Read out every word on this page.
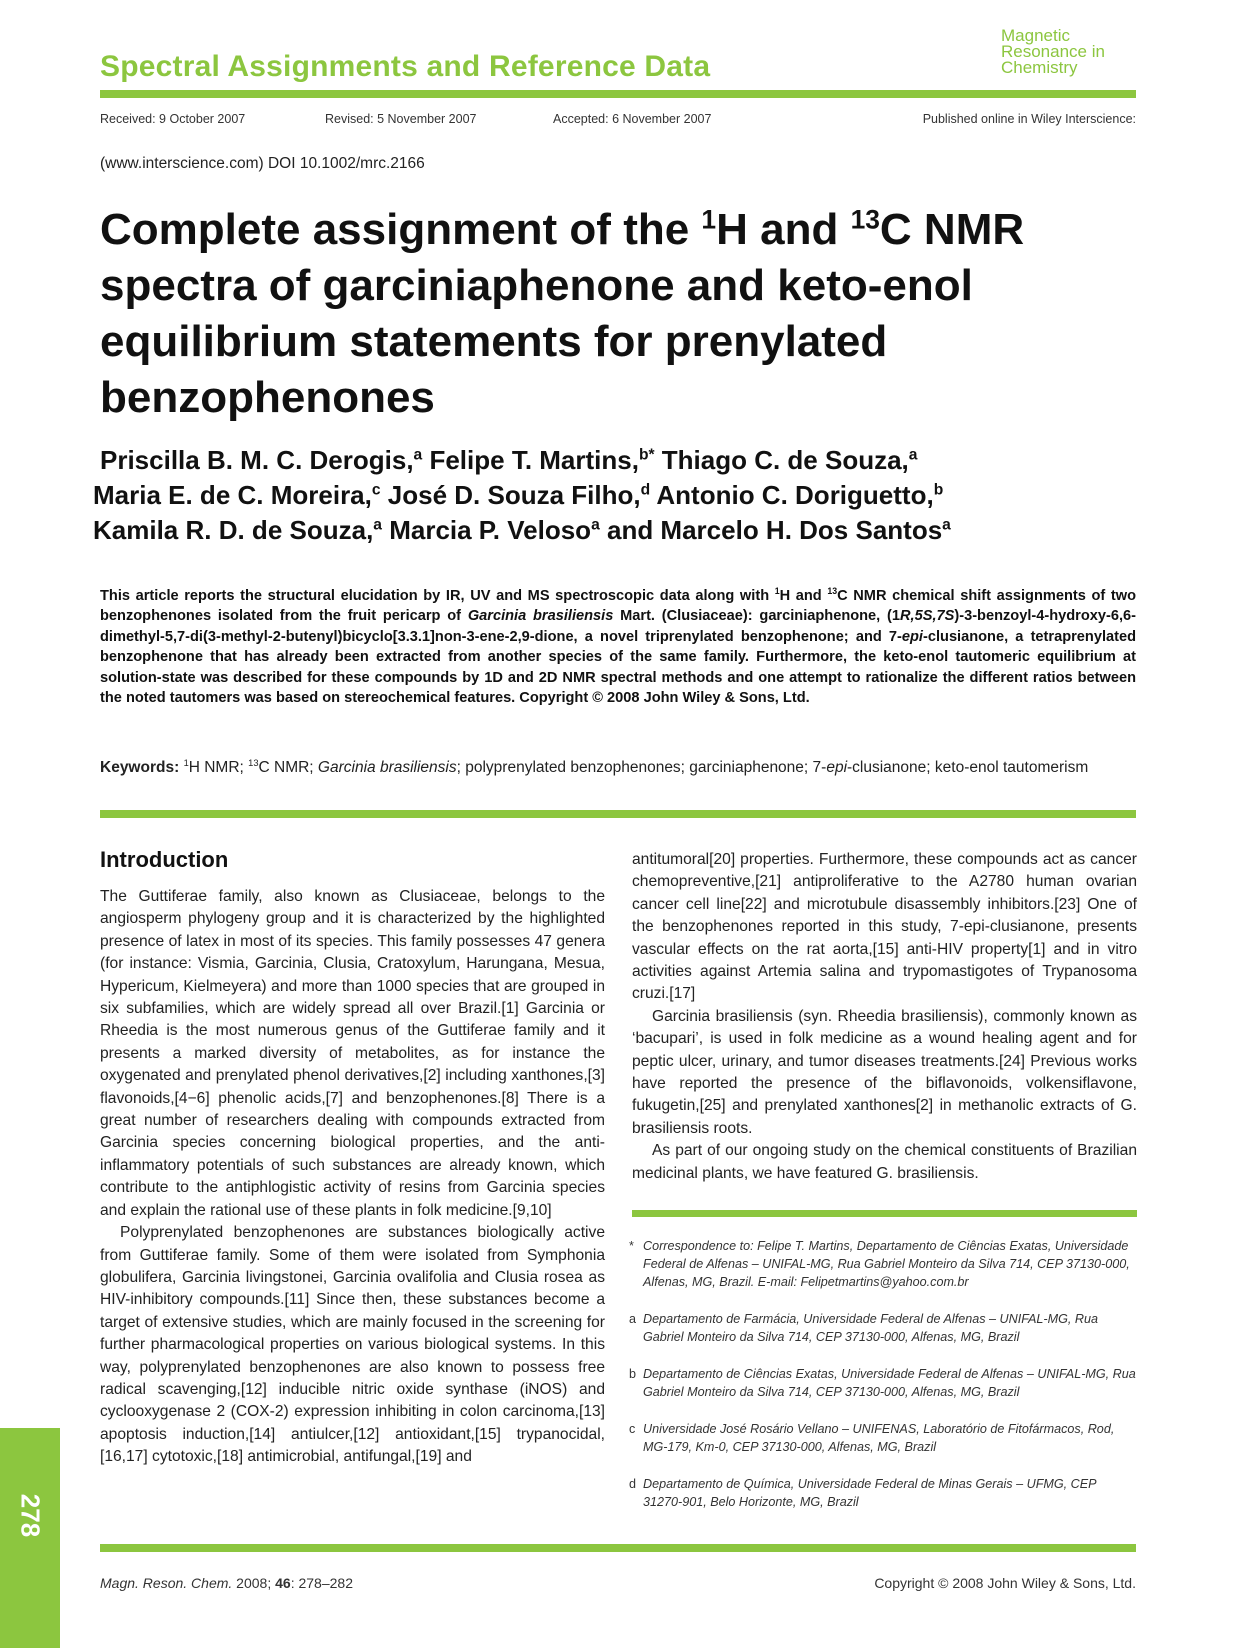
Spectral Assignments and Reference Data
Magnetic
Resonance in
Chemistry
Received: 9 October 2007	Revised: 5 November 2007	Accepted: 6 November 2007	Published online in Wiley Interscience:
(www.interscience.com) DOI 10.1002/mrc.2166
Complete assignment of the $^1$H and $^{13}$C NMR spectra of garciniaphenone and keto-enol equilibrium statements for prenylated benzophenones
Priscilla B. M. C. Derogis,$^a$ Felipe T. Martins,$^{b*}$ Thiago C. de Souza,$^a$
Maria E. de C. Moreira,$^c$ José D. Souza Filho,$^d$ Antonio C. Doriguetto,$^b$
Kamila R. D. de Souza,$^a$ Marcia P. Veloso$^a$ and Marcelo H. Dos Santos$^a$
This article reports the structural elucidation by IR, UV and MS spectroscopic data along with $^1$H and $^{13}$C NMR chemical shift assignments of two benzophenones isolated from the fruit pericarp of Garcinia brasiliensis Mart. (Clusiaceae): garciniaphenone, (1R,5S,7S)-3-benzoyl-4-hydroxy-6,6-dimethyl-5,7-di(3-methyl-2-butenyl)bicyclo[3.3.1]non-3-ene-2,9-dione, a novel triprenylated benzophenone; and 7-epi-clusianone, a tetraprenylated benzophenone that has already been extracted from another species of the same family. Furthermore, the keto-enol tautomeric equilibrium at solution-state was described for these compounds by 1D and 2D NMR spectral methods and one attempt to rationalize the different ratios between the noted tautomers was based on stereochemical features. Copyright © 2008 John Wiley & Sons, Ltd.
Keywords: $^1$H NMR; $^{13}$C NMR; Garcinia brasiliensis; polyprenylated benzophenones; garciniaphenone; 7-epi-clusianone; keto-enol tautomerism
Introduction

The Guttiferae family, also known as Clusiaceae, belongs to the angiosperm phylogeny group and it is characterized by the highlighted presence of latex in most of its species. This family possesses 47 genera (for instance: Vismia, Garcinia, Clusia, Cratoxylum, Harungana, Mesua, Hypericum, Kielmeyera) and more than 1000 species that are grouped in six subfamilies, which are widely spread all over Brazil.[1] Garcinia or Rheedia is the most numerous genus of the Guttiferae family and it presents a marked diversity of metabolites, as for instance the oxygenated and prenylated phenol derivatives,[2] including xanthones,[3] flavonoids,[4−6] phenolic acids,[7] and benzophenones.[8] There is a great number of researchers dealing with compounds extracted from Garcinia species concerning biological properties, and the anti-inflammatory potentials of such substances are already known, which contribute to the antiphlogistic activity of resins from Garcinia species and explain the rational use of these plants in folk medicine.[9,10]

Polyprenylated benzophenones are substances biologically active from Guttiferae family. Some of them were isolated from Symphonia globulifera, Garcinia livingstonei, Garcinia ovalifolia and Clusia rosea as HIV-inhibitory compounds.[11] Since then, these substances become a target of extensive studies, which are mainly focused in the screening for further pharmacological properties on various biological systems. In this way, polyprenylated benzophenones are also known to possess free radical scavenging,[12] inducible nitric oxide synthase (iNOS) and cyclooxygenase 2 (COX-2) expression inhibiting in colon carcinoma,[13] apoptosis induction,[14] antiulcer,[12] antioxidant,[15] trypanocidal,[16,17] cytotoxic,[18] antimicrobial, antifungal,[19] and

antitumoral[20] properties. Furthermore, these compounds act as cancer chemopreventive,[21] antiproliferative to the A2780 human ovarian cancer cell line[22] and microtubule disassembly inhibitors.[23] One of the benzophenones reported in this study, 7-epi-clusianone, presents vascular effects on the rat aorta,[15] anti-HIV property[1] and in vitro activities against Artemia salina and trypomastigotes of Trypanosoma cruzi.[17]

Garcinia brasiliensis (syn. Rheedia brasiliensis), commonly known as ‘bacupari’, is used in folk medicine as a wound healing agent and for peptic ulcer, urinary, and tumor diseases treatments.[24] Previous works have reported the presence of the biflavonoids, volkensiflavone, fukugetin,[25] and prenylated xanthones[2] in methanolic extracts of G. brasiliensis roots.

As part of our ongoing study on the chemical constituents of Brazilian medicinal plants, we have featured G. brasiliensis.

* Correspondence to: Felipe T. Martins, Departamento de Ciências Exatas, Universidade Federal de Alfenas – UNIFAL-MG, Rua Gabriel Monteiro da Silva 714, CEP 37130-000, Alfenas, MG, Brazil. E-mail: Felipetmartins@yahoo.com.br
a Departamento de Farmácia, Universidade Federal de Alfenas – UNIFAL-MG, Rua Gabriel Monteiro da Silva 714, CEP 37130-000, Alfenas, MG, Brazil
b Departamento de Ciências Exatas, Universidade Federal de Alfenas – UNIFAL-MG, Rua Gabriel Monteiro da Silva 714, CEP 37130-000, Alfenas, MG, Brazil
c Universidade José Rosário Vellano – UNIFENAS, Laboratório de Fitofármacos, Rod, MG-179, Km-0, CEP 37130-000, Alfenas, MG, Brazil
d Departamento de Química, Universidade Federal de Minas Gerais – UFMG, CEP 31270-901, Belo Horizonte, MG, Brazil
Magn. Reson. Chem. 2008; 46: 278–282	Copyright © 2008 John Wiley & Sons, Ltd.
278
